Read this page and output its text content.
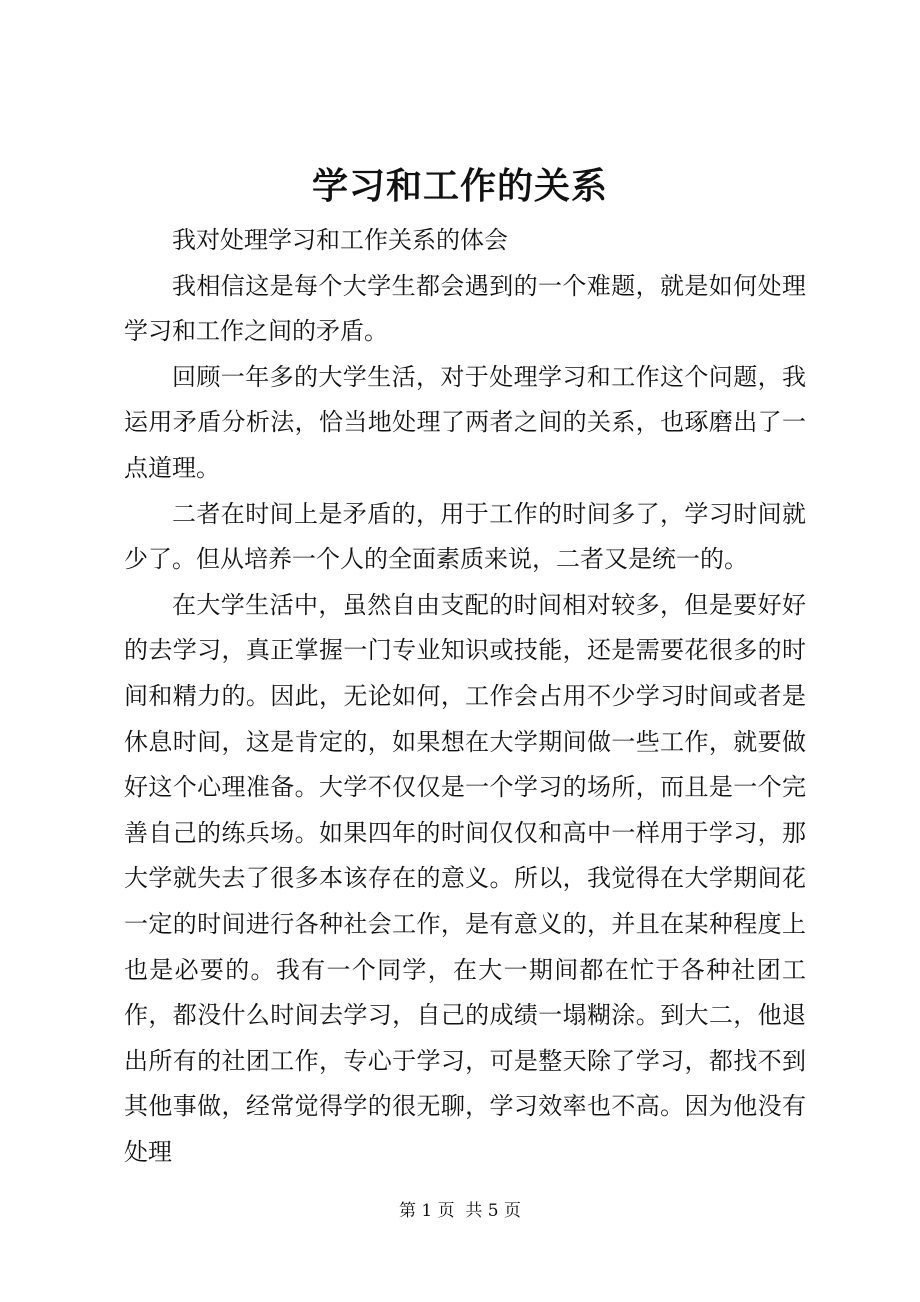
学习和工作的关系

我对处理学习和工作关系的体会

我相信这是每个大学生都会遇到的一个难题，就是如何处理学习和工作之间的矛盾。

回顾一年多的大学生活，对于处理学习和工作这个问题，我运用矛盾分析法，恰当地处理了两者之间的关系，也琢磨出了一点道理。

二者在时间上是矛盾的，用于工作的时间多了，学习时间就少了。但从培养一个人的全面素质来说，二者又是统一的。

在大学生活中，虽然自由支配的时间相对较多，但是要好好的去学习，真正掌握一门专业知识或技能，还是需要花很多的时间和精力的。因此，无论如何，工作会占用不少学习时间或者是休息时间，这是肯定的，如果想在大学期间做一些工作，就要做好这个心理准备。大学不仅仅是一个学习的场所，而且是一个完善自己的练兵场。如果四年的时间仅仅和高中一样用于学习，那大学就失去了很多本该存在的意义。所以，我觉得在大学期间花一定的时间进行各种社会工作，是有意义的，并且在某种程度上也是必要的。我有一个同学，在大一期间都在忙于各种社团工作，都没什么时间去学习，自己的成绩一塌糊涂。到大二，他退出所有的社团工作，专心于学习，可是整天除了学习，都找不到其他事做，经常觉得学的很无聊，学习效率也不高。因为他没有处理

第 1 页 共 5 页
